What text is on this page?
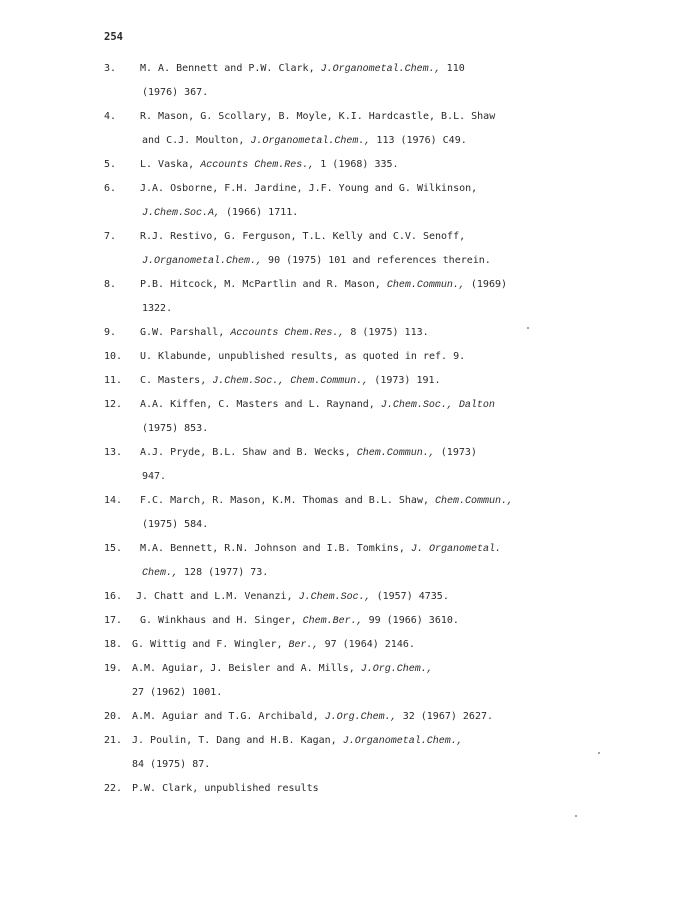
254
3. M. A. Bennett and P.W. Clark, J.Organometal.Chem., 110
(1976) 367.
4. R. Mason, G. Scollary, B. Moyle, K.I. Hardcastle, B.L. Shaw
and C.J. Moulton, J.Organometal.Chem., 113 (1976) C49.
5. L. Vaska, Accounts Chem.Res., 1 (1968) 335.
6. J.A. Osborne, F.H. Jardine, J.F. Young and G. Wilkinson,
J.Chem.Soc.A, (1966) 1711.
7. R.J. Restivo, G. Ferguson, T.L. Kelly and C.V. Senoff,
J.Organometal.Chem., 90 (1975) 101 and references therein.
8. P.B. Hitcock, M. McPartlin and R. Mason, Chem.Commun., (1969)
1322.
9. G.W. Parshall, Accounts Chem.Res., 8 (1975) 113.
10. U. Klabunde, unpublished results, as quoted in ref. 9.
11. C. Masters, J.Chem.Soc., Chem.Commun., (1973) 191.
12. A.A. Kiffen, C. Masters and L. Raynand, J.Chem.Soc., Dalton
(1975) 853.
13. A.J. Pryde, B.L. Shaw and B. Wecks, Chem.Commun., (1973)
947.
14. F.C. March, R. Mason, K.M. Thomas and B.L. Shaw, Chem.Commun.,
(1975) 584.
15. M.A. Bennett, R.N. Johnson and I.B. Tomkins, J. Organometal.
Chem., 128 (1977) 73.
16. J. Chatt and L.M. Venanzi, J.Chem.Soc., (1957) 4735.
17. G. Winkhaus and H. Singer, Chem.Ber., 99 (1966) 3610.
18. G. Wittig and F. Wingler, Ber., 97 (1964) 2146.
19. A.M. Aguiar, J. Beisler and A. Mills, J.Org.Chem.,
27 (1962) 1001.
20. A.M. Aguiar and T.G. Archibald, J.Org.Chem., 32 (1967) 2627.
21. J. Poulin, T. Dang and H.B. Kagan, J.Organometal.Chem.,
84 (1975) 87.
22. P.W. Clark, unpublished results
